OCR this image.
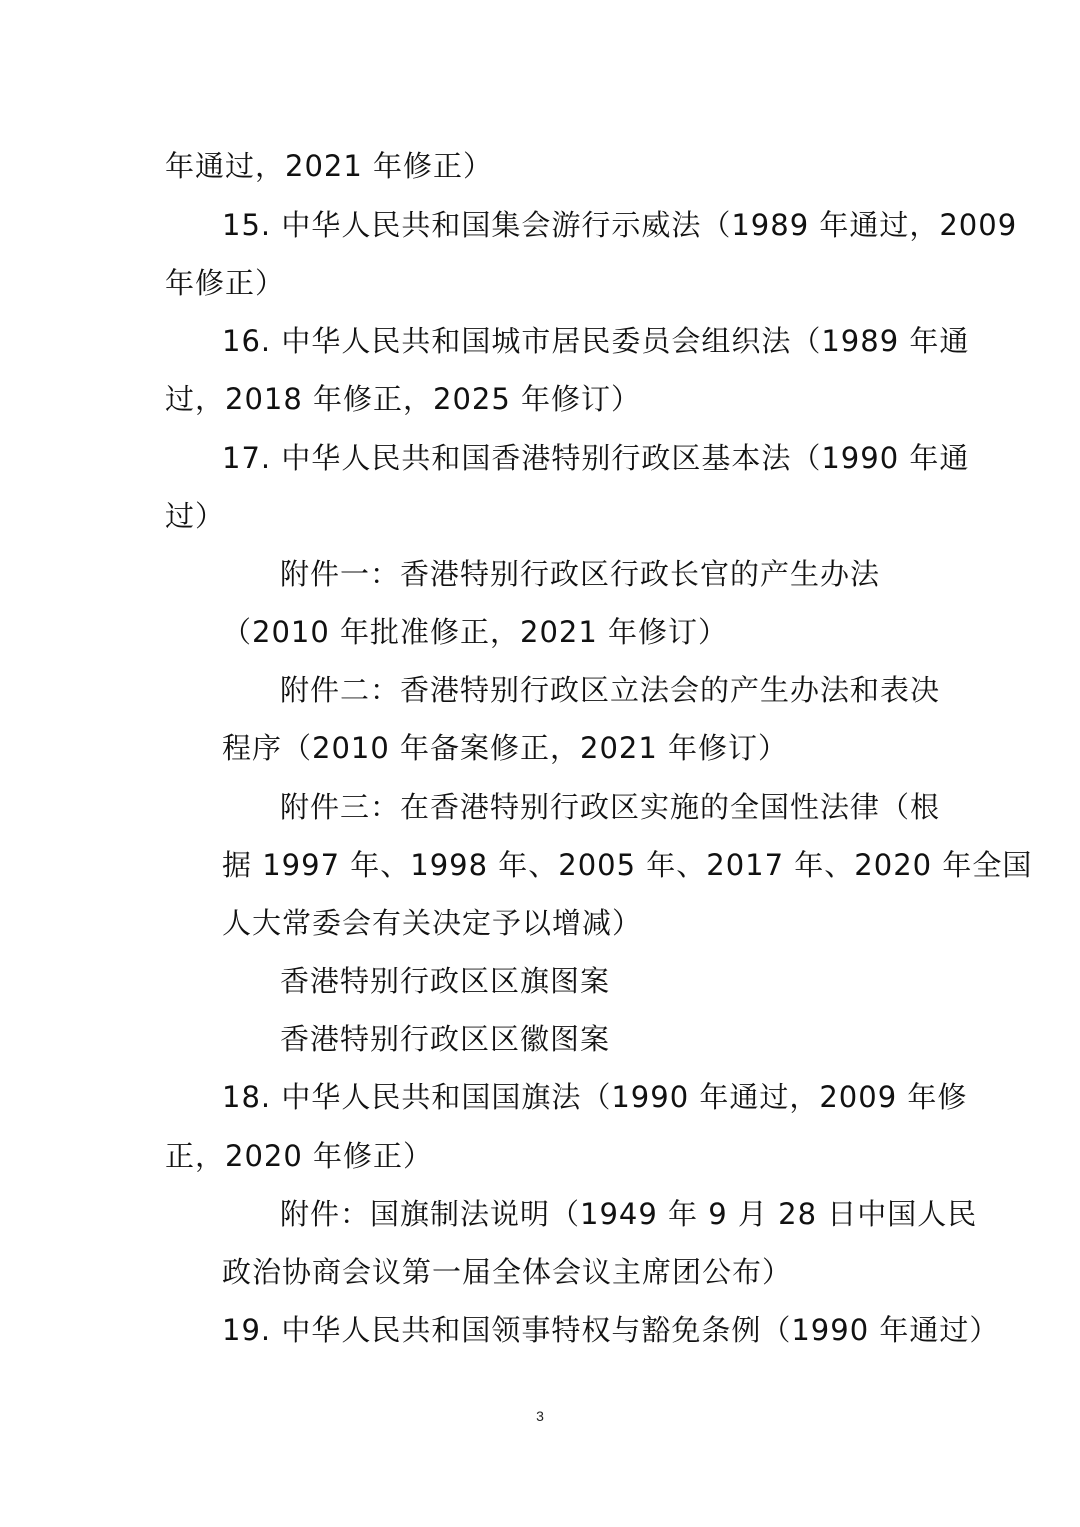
年通过，2021 年修正）
15. 中华人民共和国集会游行示威法（1989 年通过，2009
年修正）
16. 中华人民共和国城市居民委员会组织法（1989 年通
过，2018 年修正，2025 年修订）
17. 中华人民共和国香港特别行政区基本法（1990 年通
过）
附件一：香港特别行政区行政长官的产生办法
（2010 年批准修正，2021 年修订）
附件二：香港特别行政区立法会的产生办法和表决
程序（2010 年备案修正，2021 年修订）
附件三：在香港特别行政区实施的全国性法律（根
据 1997 年、1998 年、2005 年、2017 年、2020 年全国
人大常委会有关决定予以增减）
香港特别行政区区旗图案
香港特别行政区区徽图案
18. 中华人民共和国国旗法（1990 年通过，2009 年修
正，2020 年修正）
附件：国旗制法说明（1949 年 9 月 28 日中国人民
政治协商会议第一届全体会议主席团公布）
19. 中华人民共和国领事特权与豁免条例（1990 年通过）
3
